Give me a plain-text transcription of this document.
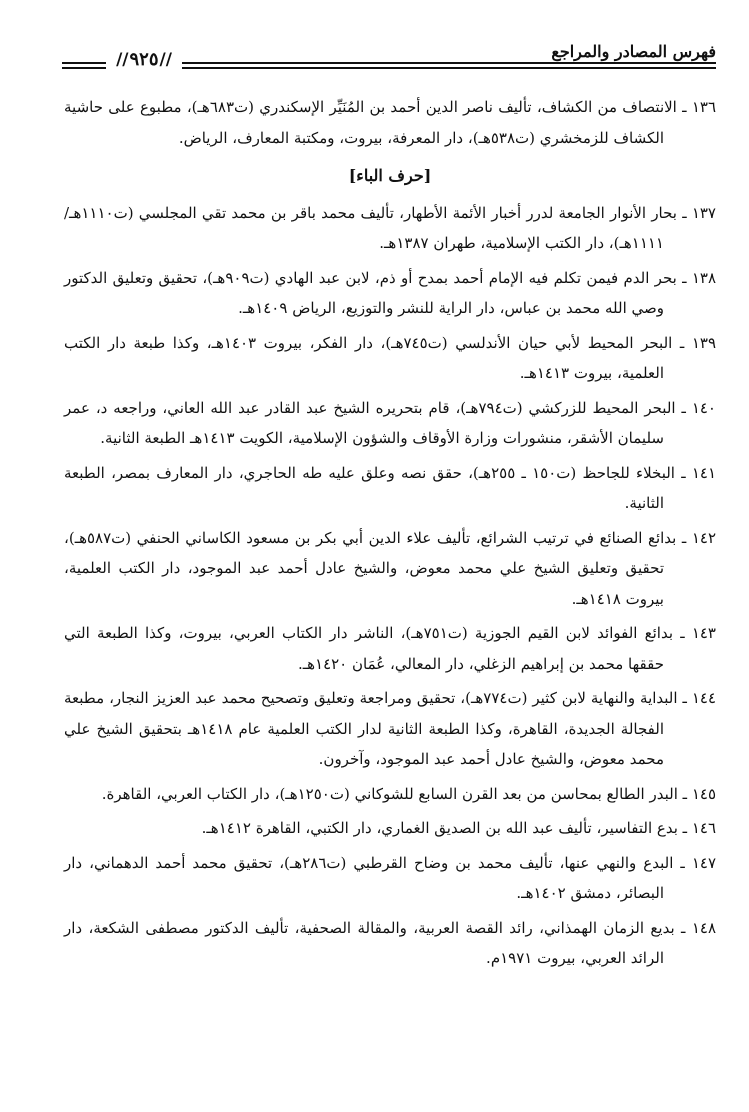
فهرس المصادر والمراجع
//٩٢٥//

١٣٦ ـ الانتصاف من الكشاف، تأليف ناصر الدين أحمد بن المُنَيِّر الإسكندري (ت٦٨٣هـ)، مطبوع على حاشية الكشاف للزمخشري (ت٥٣٨هـ)، دار المعرفة، بيروت، ومكتبة المعارف، الرياض.

[حرف الباء]

١٣٧ ـ بحار الأنوار الجامعة لدرر أخبار الأئمة الأطهار، تأليف محمد باقر بن محمد تقي المجلسي (ت١١١٠هـ/١١١١هـ)، دار الكتب الإسلامية، طهران ١٣٨٧هـ.

١٣٨ ـ بحر الدم فيمن تكلم فيه الإمام أحمد بمدح أو ذم، لابن عبد الهادي (ت٩٠٩هـ)، تحقيق وتعليق الدكتور وصي الله محمد بن عباس، دار الراية للنشر والتوزيع، الرياض ١٤٠٩هـ.

١٣٩ ـ البحر المحيط لأبي حيان الأندلسي (ت٧٤٥هـ)، دار الفكر، بيروت ١٤٠٣هـ، وكذا طبعة دار الكتب العلمية، بيروت ١٤١٣هـ.

١٤٠ ـ البحر المحيط للزركشي (ت٧٩٤هـ)، قام بتحريره الشيخ عبد القادر عبد الله العاني، وراجعه د، عمر سليمان الأشقر، منشورات وزارة الأوقاف والشؤون الإسلامية، الكويت ١٤١٣هـ الطبعة الثانية.

١٤١ ـ البخلاء للجاحظ (ت١٥٠ ـ ٢٥٥هـ)، حقق نصه وعلق عليه طه الحاجري، دار المعارف بمصر، الطبعة الثانية.

١٤٢ ـ بدائع الصنائع في ترتيب الشرائع، تأليف علاء الدين أبي بكر بن مسعود الكاساني الحنفي (ت٥٨٧هـ)، تحقيق وتعليق الشيخ علي محمد معوض، والشيخ عادل أحمد عبد الموجود، دار الكتب العلمية، بيروت ١٤١٨هـ.

١٤٣ ـ بدائع الفوائد لابن القيم الجوزية (ت٧٥١هـ)، الناشر دار الكتاب العربي، بيروت، وكذا الطبعة التي حققها محمد بن إبراهيم الزغلي، دار المعالي، عُمَان ١٤٢٠هـ.

١٤٤ ـ البداية والنهاية لابن كثير (ت٧٧٤هـ)، تحقيق ومراجعة وتعليق وتصحيح محمد عبد العزيز النجار، مطبعة الفجالة الجديدة، القاهرة، وكذا الطبعة الثانية لدار الكتب العلمية عام ١٤١٨هـ بتحقيق الشيخ علي محمد معوض، والشيخ عادل أحمد عبد الموجود، وآخرون.

١٤٥ ـ البدر الطالع بمحاسن من بعد القرن السابع للشوكاني (ت١٢٥٠هـ)، دار الكتاب العربي، القاهرة.

١٤٦ ـ بدع التفاسير، تأليف عبد الله بن الصديق الغماري، دار الكتبي، القاهرة ١٤١٢هـ.

١٤٧ ـ البدع والنهي عنها، تأليف محمد بن وضاح القرطبي (ت٢٨٦هـ)، تحقيق محمد أحمد الدهماني، دار البصائر، دمشق ١٤٠٢هـ.

١٤٨ ـ بديع الزمان الهمذاني، رائد القصة العربية، والمقالة الصحفية، تأليف الدكتور مصطفى الشكعة، دار الرائد العربي، بيروت ١٩٧١م.
